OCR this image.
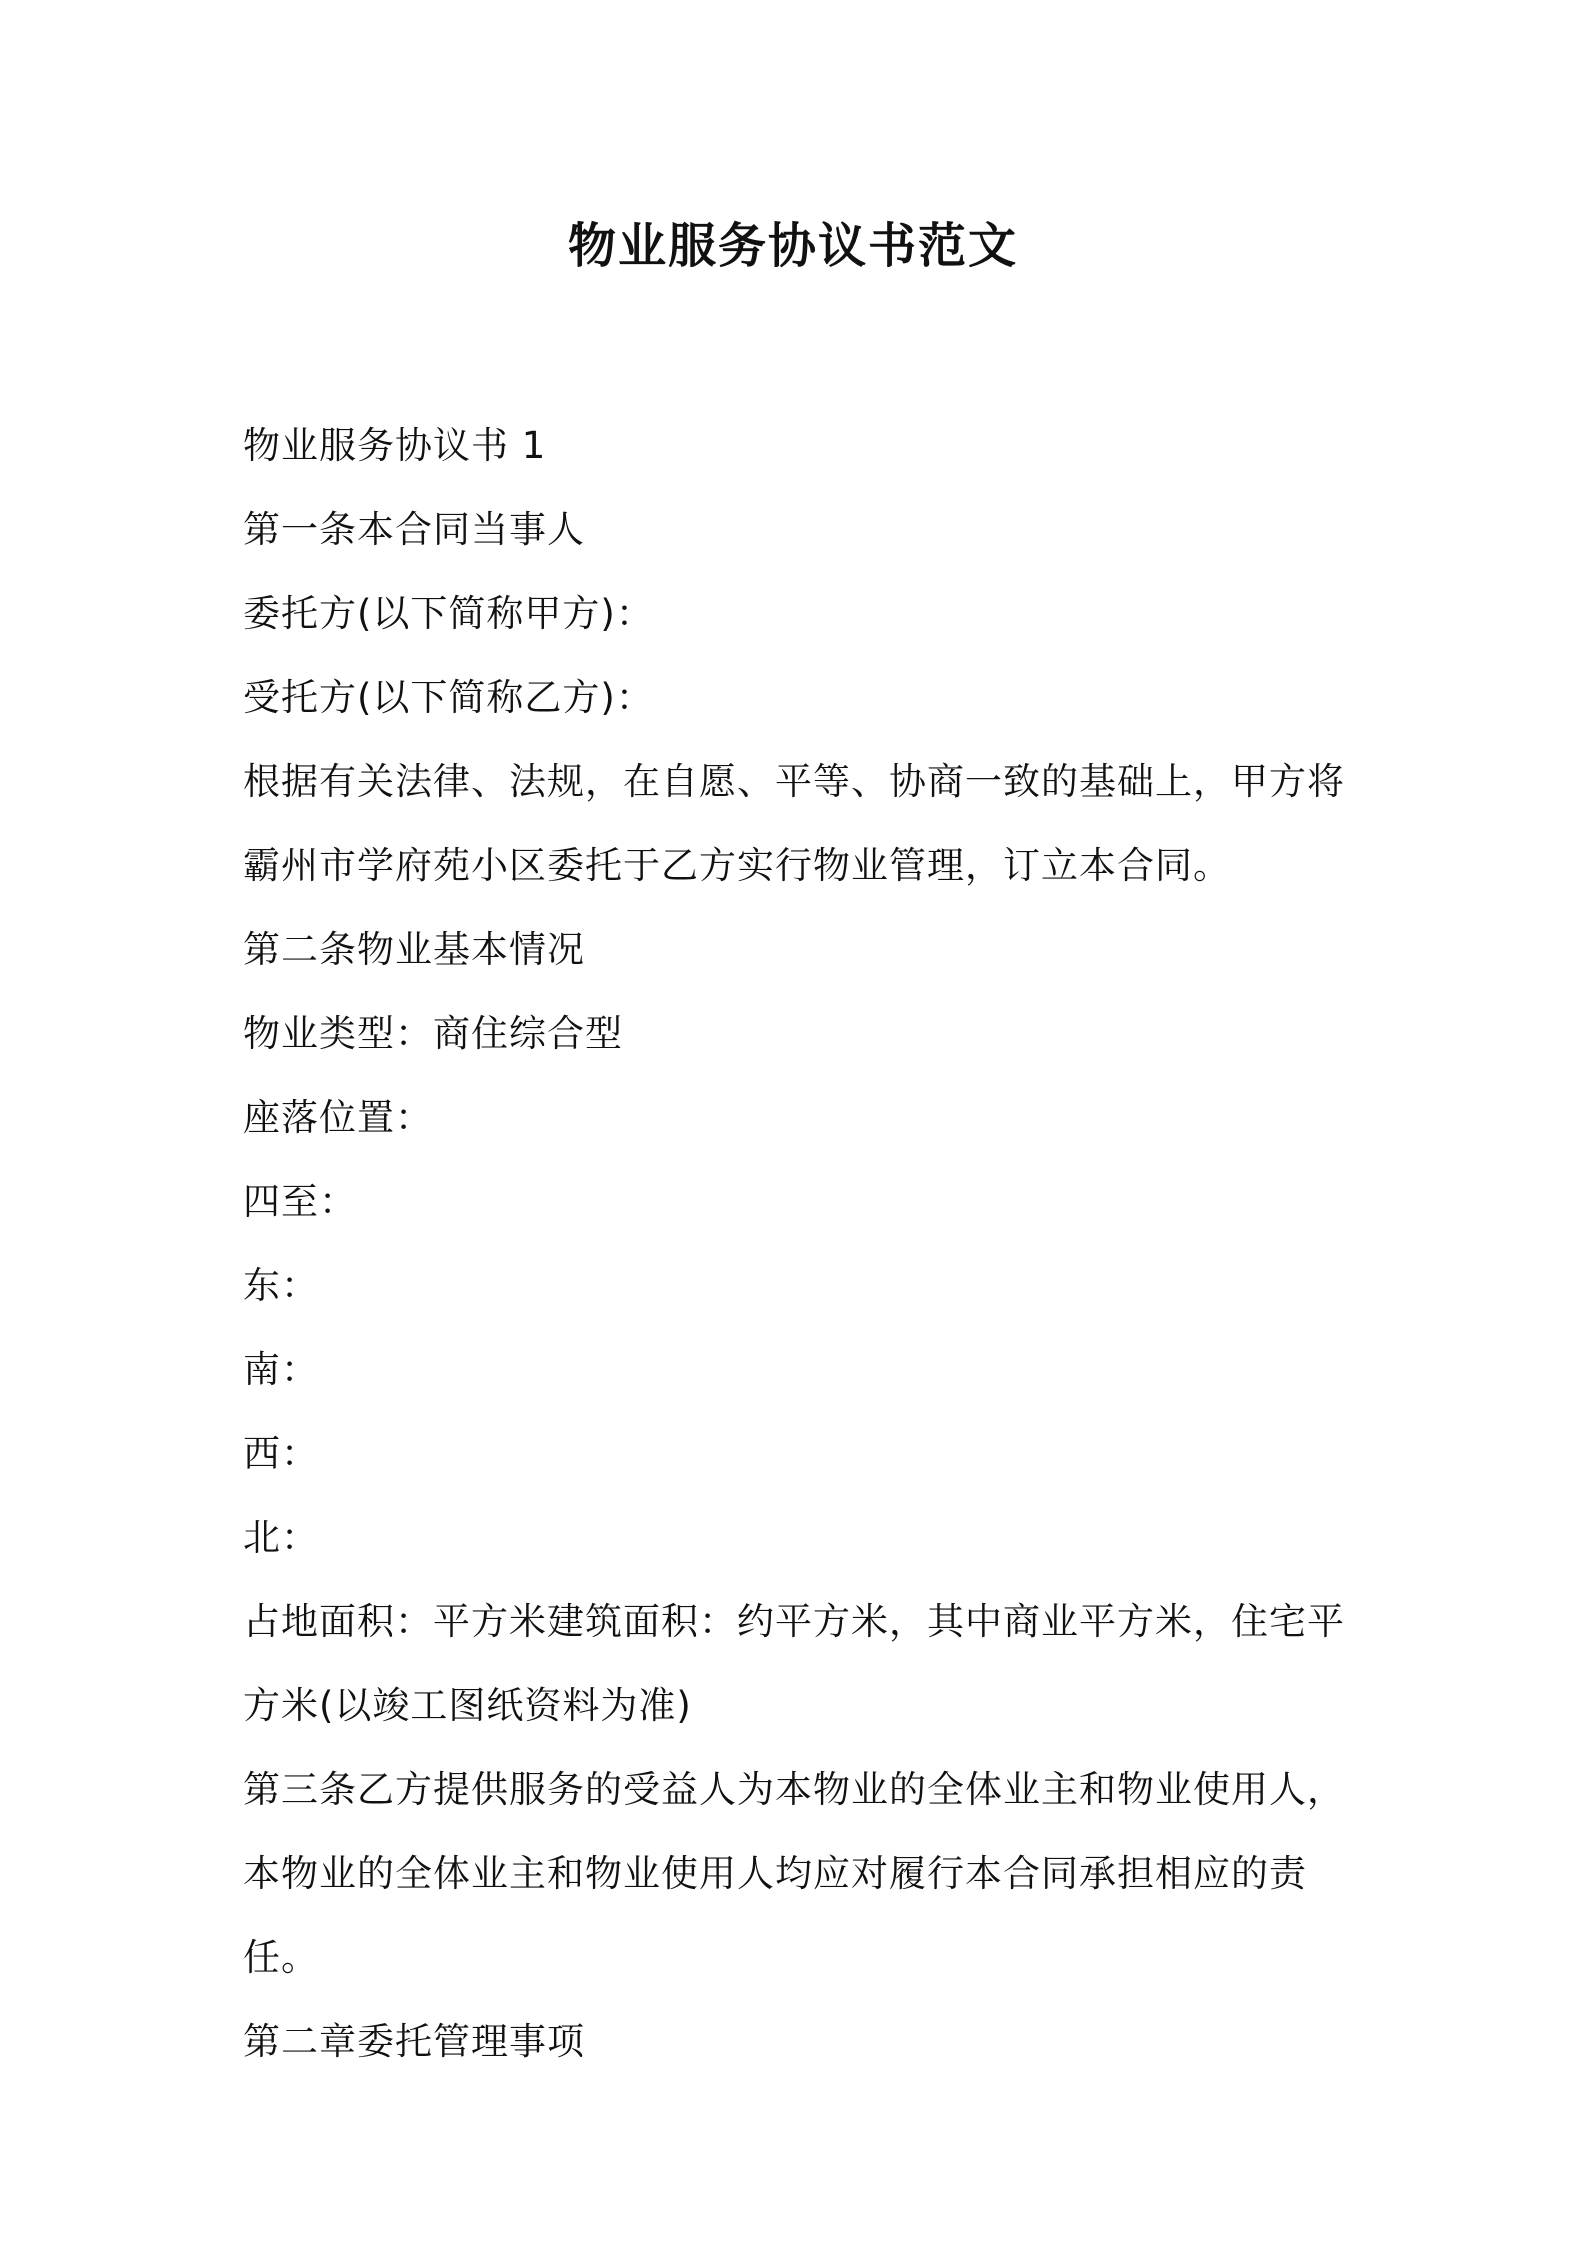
物业服务协议书范文

物业服务协议书 1

第一条本合同当事人

委托方(以下简称甲方)：

受托方(以下简称乙方)：

根据有关法律、法规，在自愿、平等、协商一致的基础上，甲方将霸州市学府苑小区委托于乙方实行物业管理，订立本合同。

第二条物业基本情况

物业类型：商住综合型

座落位置：

四至：

东：

南：

西：

北：

占地面积：平方米建筑面积：约平方米，其中商业平方米，住宅平方米(以竣工图纸资料为准)

第三条乙方提供服务的受益人为本物业的全体业主和物业使用人，本物业的全体业主和物业使用人均应对履行本合同承担相应的责任。

第二章委托管理事项
